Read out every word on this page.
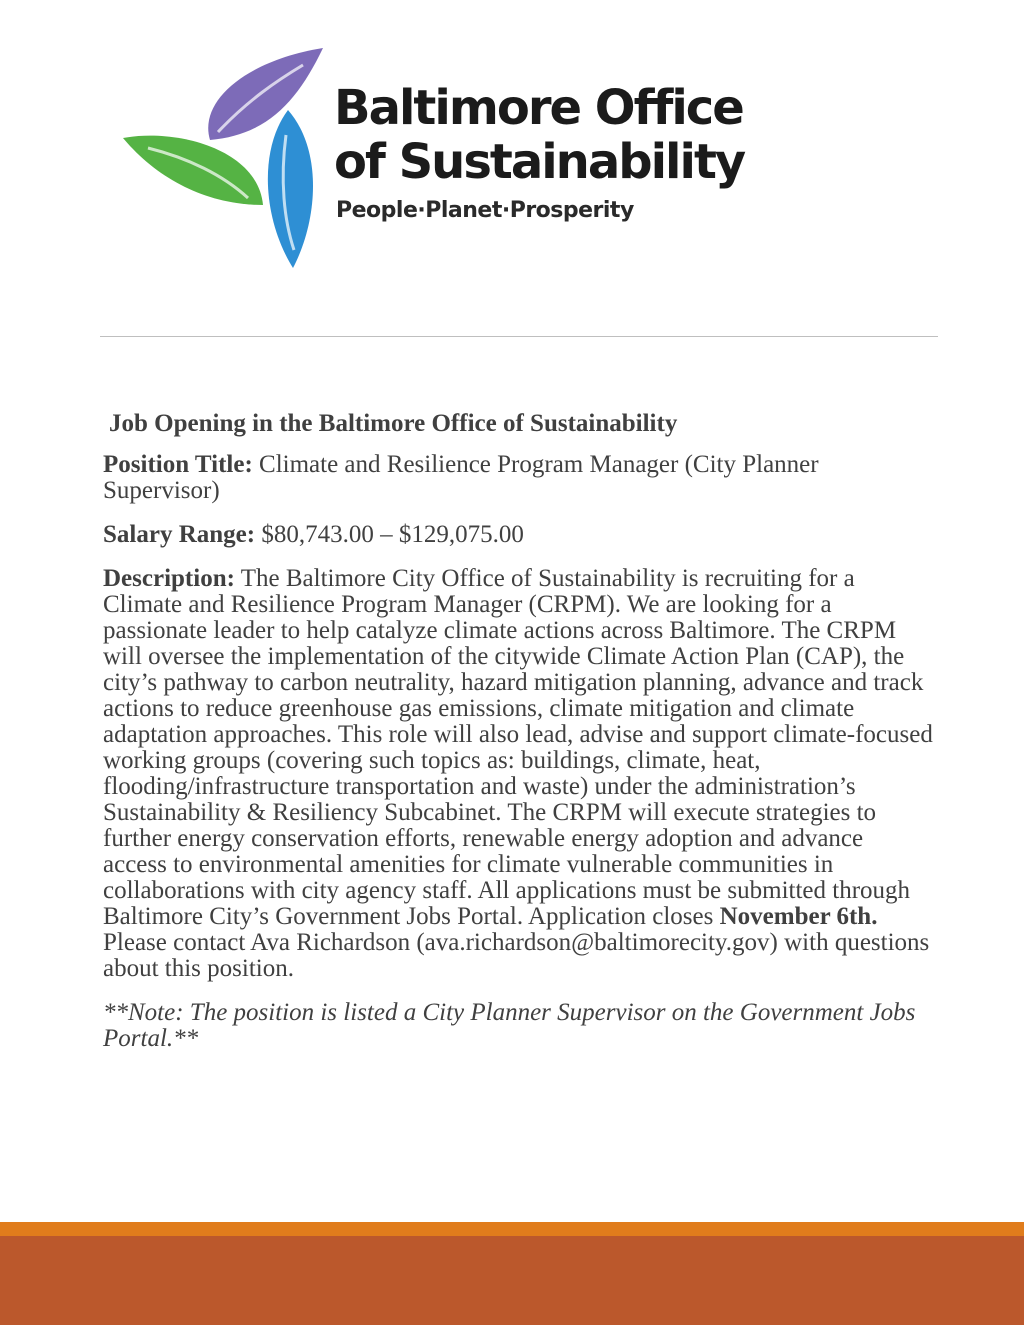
Baltimore Office
of Sustainability
People·Planet·Prosperity
Job Opening in the Baltimore Office of Sustainability

Position Title: Climate and Resilience Program Manager (City Planner Supervisor)

Salary Range: $80,743.00 – $129,075.00

Description: The Baltimore City Office of Sustainability is recruiting for a Climate and Resilience Program Manager (CRPM). We are looking for a passionate leader to help catalyze climate actions across Baltimore. The CRPM will oversee the implementation of the citywide Climate Action Plan (CAP), the city’s pathway to carbon neutrality, hazard mitigation planning, advance and track actions to reduce greenhouse gas emissions, climate mitigation and climate adaptation approaches. This role will also lead, advise and support climate-focused working groups (covering such topics as: buildings, climate, heat, flooding/infrastructure transportation and waste) under the administration’s Sustainability & Resiliency Subcabinet. The CRPM will execute strategies to further energy conservation efforts, renewable energy adoption and advance access to environmental amenities for climate vulnerable communities in collaborations with city agency staff. All applications must be submitted through Baltimore City’s Government Jobs Portal. Application closes November 6th. Please contact Ava Richardson (ava.richardson@baltimorecity.gov) with questions about this position.

**Note: The position is listed a City Planner Supervisor on the Government Jobs Portal.**
